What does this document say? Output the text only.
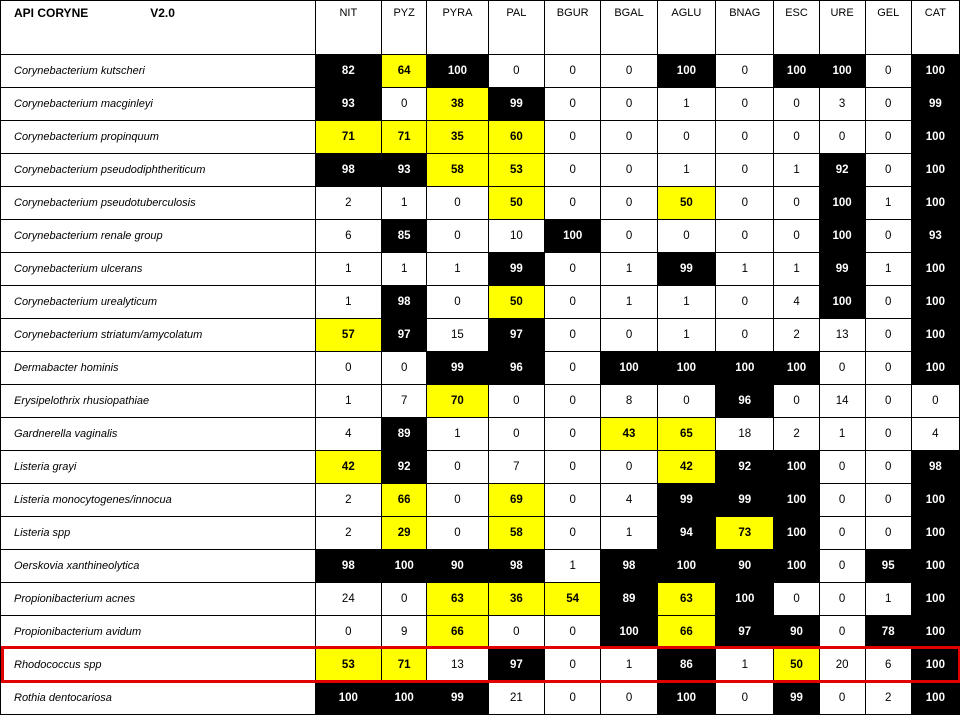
API CORYNE V2.0	NIT	PYZ	PYRA	PAL	BGUR	BGAL	AGLU	BNAG	ESC	URE	GEL	CAT
Corynebacterium kutscheri	82	64	100	0	0	0	100	0	100	100	0	100
Corynebacterium macginleyi	93	0	38	99	0	0	1	0	0	3	0	99
Corynebacterium propinquum	71	71	35	60	0	0	0	0	0	0	0	100
Corynebacterium pseudodiphtheriticum	98	93	58	53	0	0	1	0	1	92	0	100
Corynebacterium pseudotuberculosis	2	1	0	50	0	0	50	0	0	100	1	100
Corynebacterium renale group	6	85	0	10	100	0	0	0	0	100	0	93
Corynebacterium ulcerans	1	1	1	99	0	1	99	1	1	99	1	100
Corynebacterium urealyticum	1	98	0	50	0	1	1	0	4	100	0	100
Corynebacterium striatum/amycolatum	57	97	15	97	0	0	1	0	2	13	0	100
Dermabacter hominis	0	0	99	96	0	100	100	100	100	0	0	100
Erysipelothrix rhusiopathiae	1	7	70	0	0	8	0	96	0	14	0	0
Gardnerella vaginalis	4	89	1	0	0	43	65	18	2	1	0	4
Listeria grayi	42	92	0	7	0	0	42	92	100	0	0	98
Listeria monocytogenes/innocua	2	66	0	69	0	4	99	99	100	0	0	100
Listeria spp	2	29	0	58	0	1	94	73	100	0	0	100
Oerskovia xanthineolytica	98	100	90	98	1	98	100	90	100	0	95	100
Propionibacterium acnes	24	0	63	36	54	89	63	100	0	0	1	100
Propionibacterium avidum	0	9	66	0	0	100	66	97	90	0	78	100
Rhodococcus spp	53	71	13	97	0	1	86	1	50	20	6	100
Rothia dentocariosa	100	100	99	21	0	0	100	0	99	0	2	100
